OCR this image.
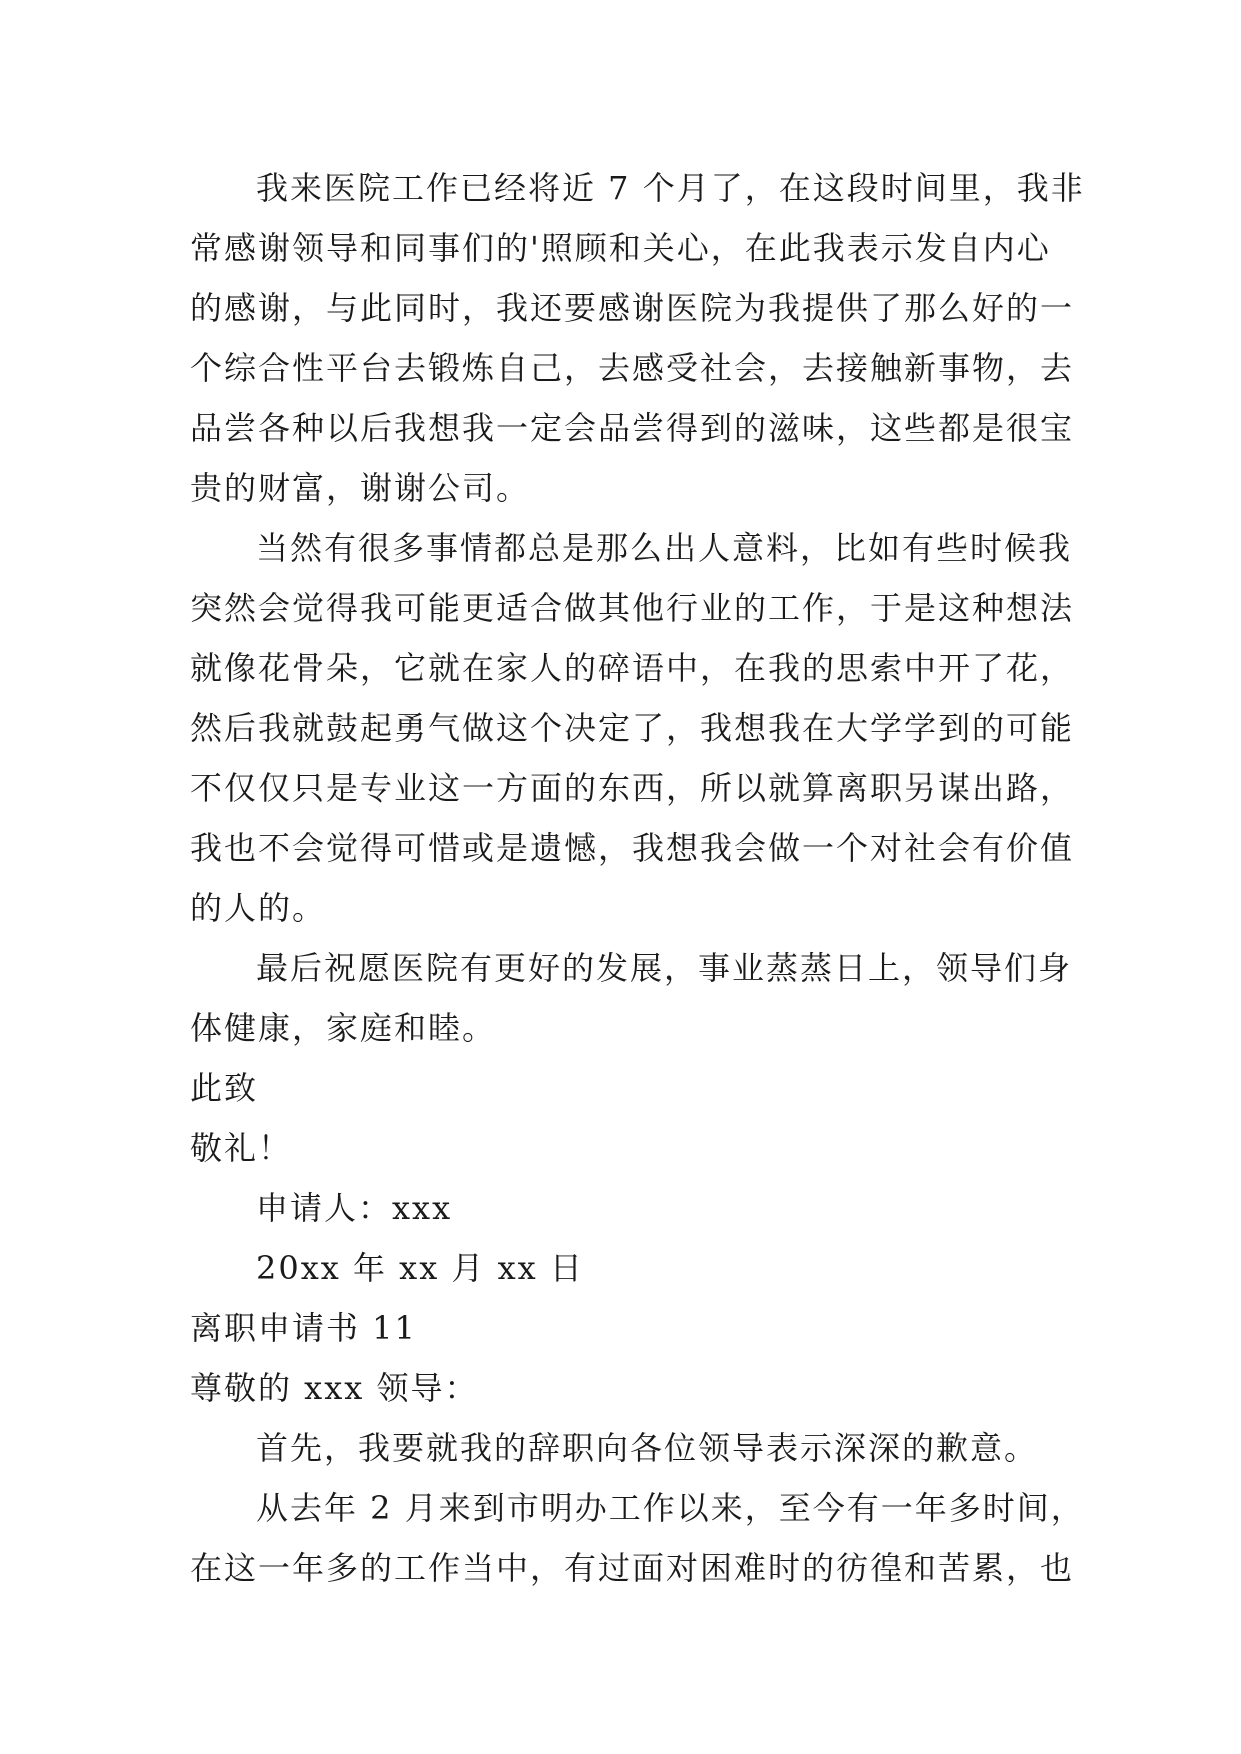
我来医院工作已经将近 7 个月了，在这段时间里，我非
常感谢领导和同事们的'照顾和关心，在此我表示发自内心
的感谢，与此同时，我还要感谢医院为我提供了那么好的一
个综合性平台去锻炼自己，去感受社会，去接触新事物，去
品尝各种以后我想我一定会品尝得到的滋味，这些都是很宝
贵的财富，谢谢公司。
当然有很多事情都总是那么出人意料，比如有些时候我
突然会觉得我可能更适合做其他行业的工作，于是这种想法
就像花骨朵，它就在家人的碎语中，在我的思索中开了花，
然后我就鼓起勇气做这个决定了，我想我在大学学到的可能
不仅仅只是专业这一方面的东西，所以就算离职另谋出路，
我也不会觉得可惜或是遗憾，我想我会做一个对社会有价值
的人的。
最后祝愿医院有更好的发展，事业蒸蒸日上，领导们身
体健康，家庭和睦。
此致
敬礼！
申请人：xxx
20xx 年 xx 月 xx 日
离职申请书 11
尊敬的 xxx 领导：
首先，我要就我的辞职向各位领导表示深深的歉意。
从去年 2 月来到市明办工作以来，至今有一年多时间，
在这一年多的工作当中，有过面对困难时的彷徨和苦累，也
